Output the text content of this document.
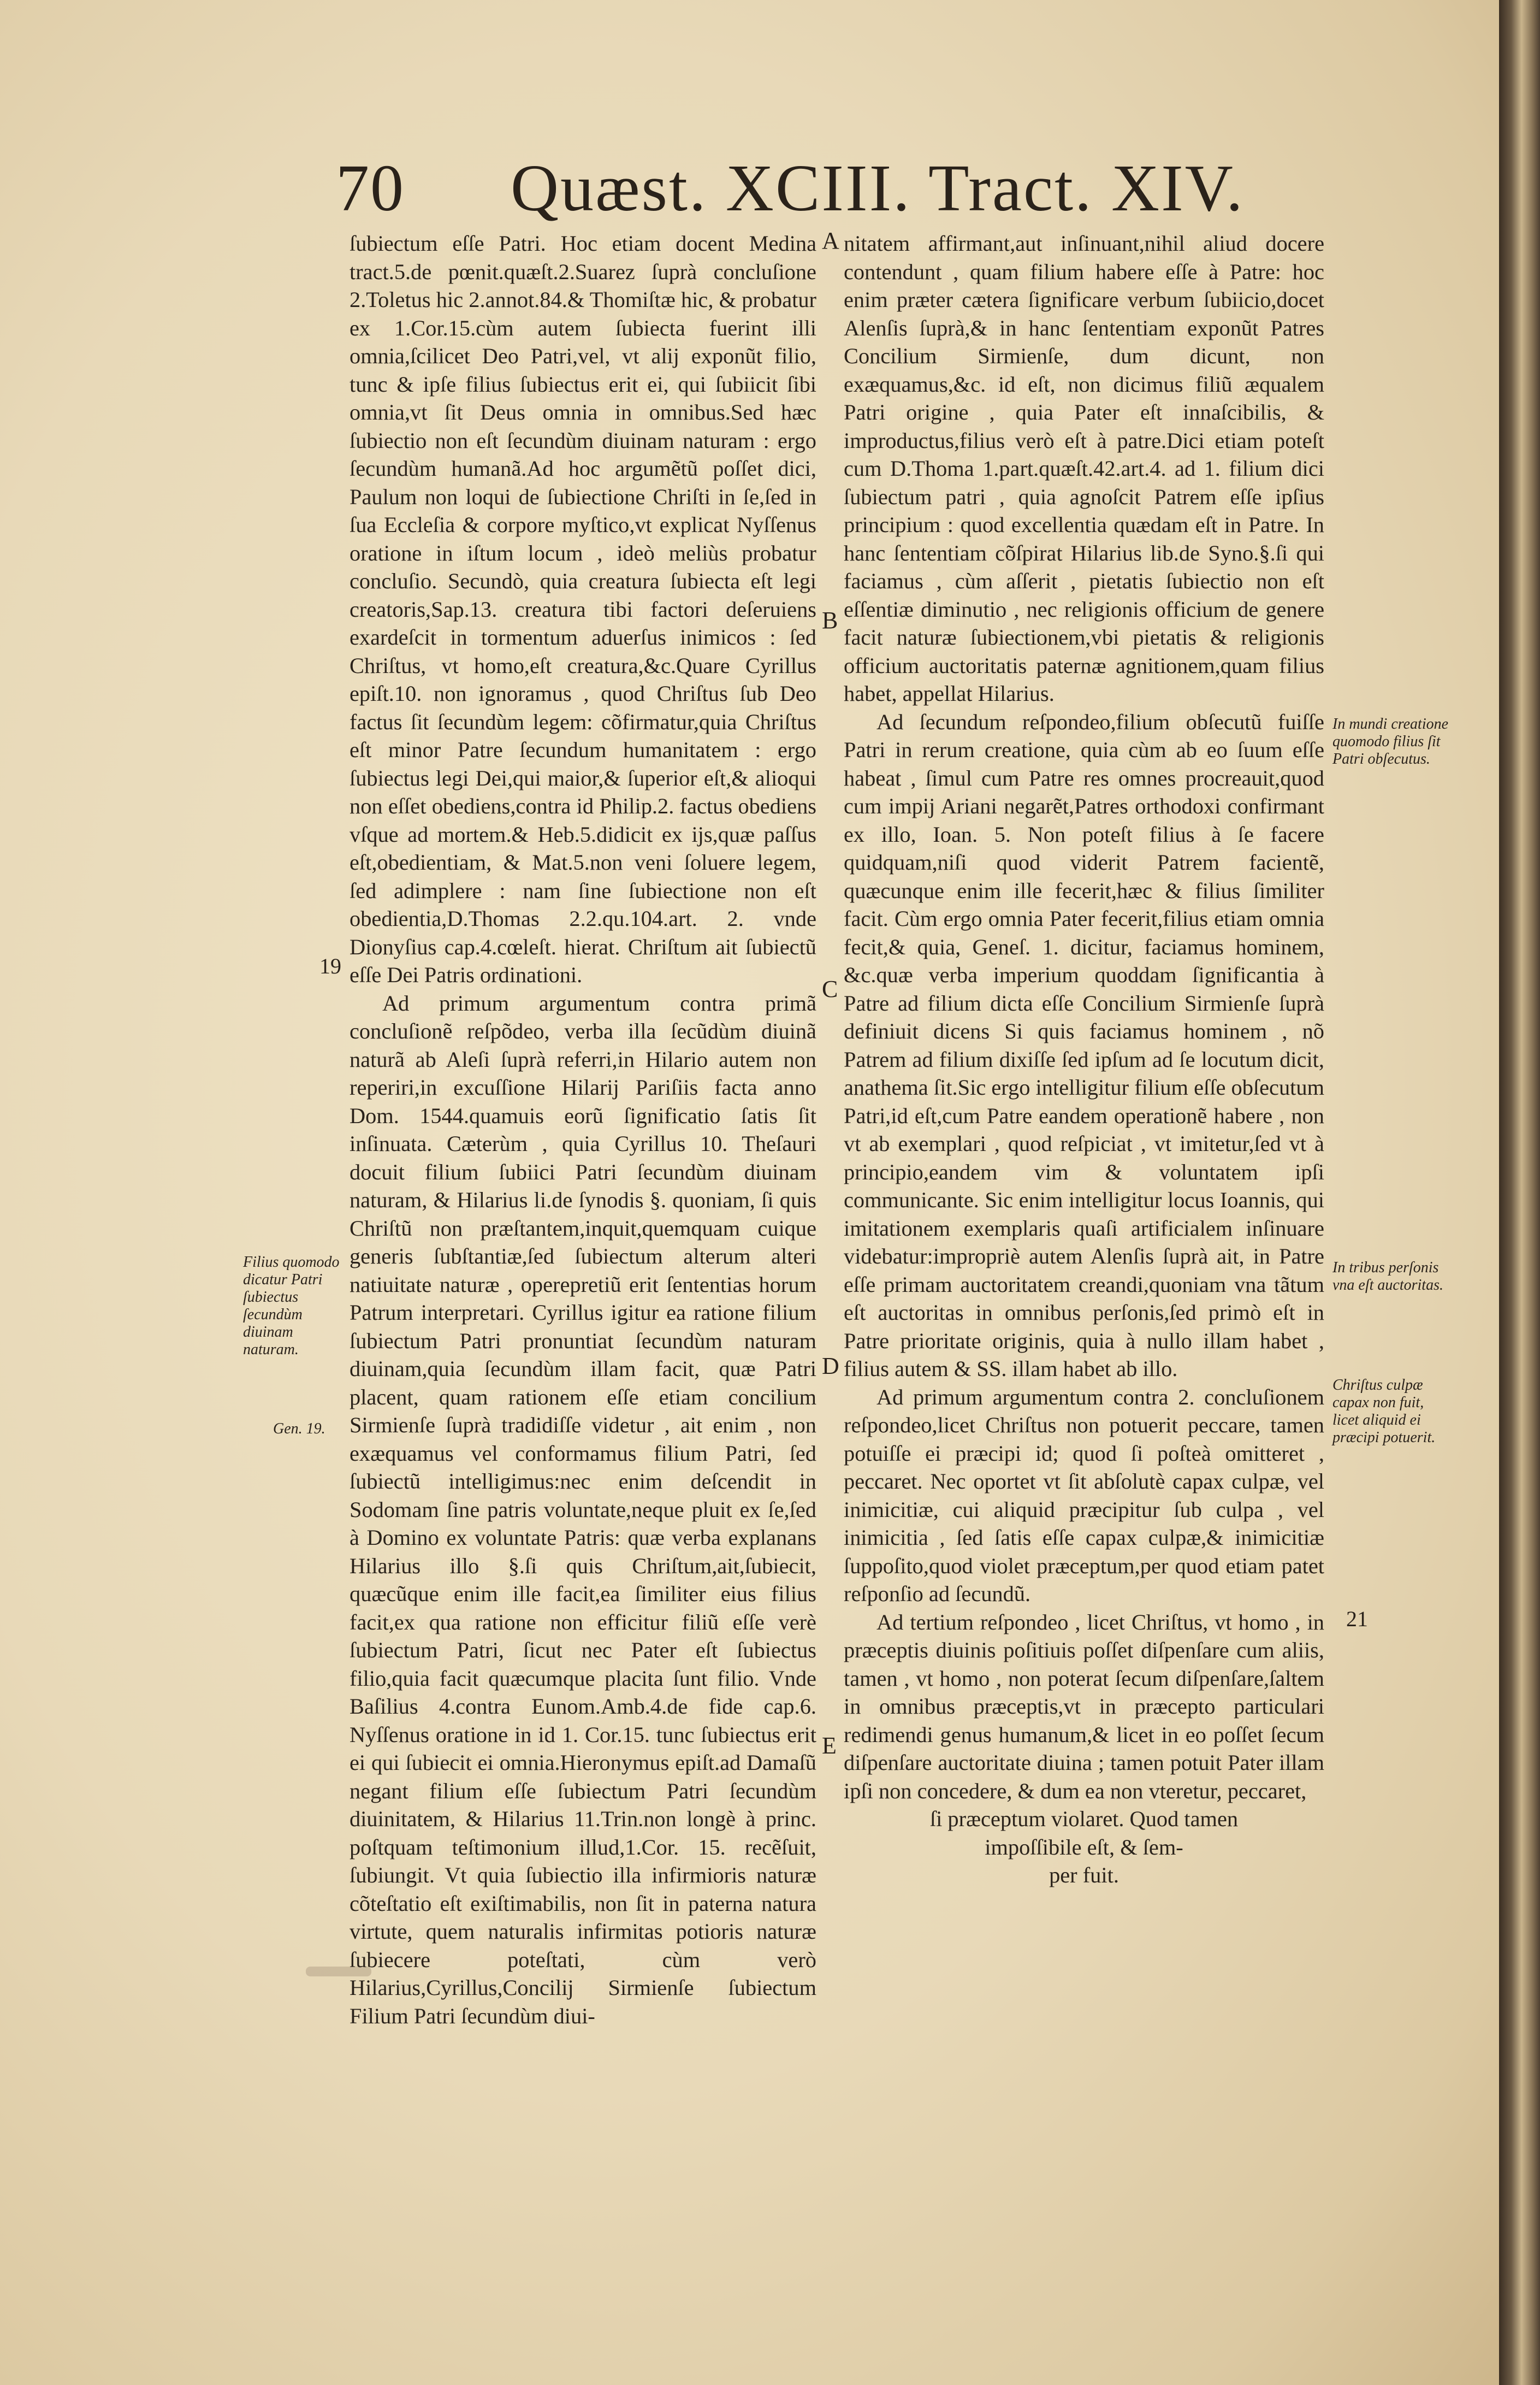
70 Quæst. XCIII. Tract. XIV.

ſubiectum eſſe Patri. Hoc etiam docent Medina tract.5.de pœnit.quæſt.2.Suarez ſuprà concluſione 2.Toletus hic 2.annot.84.& Thomiſtæ hic, & probatur ex 1.Cor.15.cùm autem ſubiecta fuerint illi omnia,ſcilicet Deo Patri,vel, vt alij exponũt filio, tunc & ipſe filius ſubiectus erit ei, qui ſubiicit ſibi omnia,vt ſit Deus omnia in omnibus.Sed hæc ſubiectio non eſt ſecundùm diuinam naturam : ergo ſecundùm humanã.Ad hoc argumẽtũ poſſet dici, Paulum non loqui de ſubiectione Chriſti in ſe,ſed in ſua Eccleſia & corpore myſtico,vt explicat Nyſſenus oratione in iſtum locum , ideò meliùs probatur concluſio. Secundò, quia creatura ſubiecta eſt legi creatoris,Sap.13. creatura tibi factori deſeruiens exardeſcit in tormentum aduerſus inimicos : ſed Chriſtus, vt homo,eſt creatura,&c.Quare Cyrillus epiſt.10. non ignoramus , quod Chriſtus ſub Deo factus ſit ſecundùm legem: cõfirmatur,quia Chriſtus eſt minor Patre ſecundum humanitatem : ergo ſubiectus legi Dei,qui maior,& ſuperior eſt,& alioqui non eſſet obediens,contra id Philip.2. factus obediens vſque ad mortem.& Heb.5.didicit ex ijs,quæ paſſus eſt,obedientiam, & Mat.5.non veni ſoluere legem, ſed adimplere : nam ſine ſubiectione non eſt obedientia,D.Thomas 2.2.qu.104.art. 2. vnde Dionyſius cap.4.cœleſt. hierat. Chriſtum ait ſubiectũ eſſe Dei Patris ordinationi.

Ad primum argumentum contra primã concluſionẽ reſpõdeo, verba illa ſecũdùm diuinã naturã ab Aleſi ſuprà referri,in Hilario autem non reperiri,in excuſſione Hilarij Pariſiis facta anno Dom. 1544.quamuis eorũ ſignificatio ſatis ſit inſinuata. Cæterùm , quia Cyrillus 10. Theſauri docuit filium ſubiici Patri ſecundùm diuinam naturam, & Hilarius li.de ſynodis §. quoniam, ſi quis Chriſtũ non præſtantem,inquit,quemquam cuique generis ſubſtantiæ,ſed ſubiectum alterum alteri natiuitate naturæ , operepretiũ erit ſententias horum Patrum interpretari. Cyrillus igitur ea ratione filium ſubiectum Patri pronuntiat ſecundùm naturam diuinam,quia ſecundùm illam facit, quæ Patri placent, quam rationem eſſe etiam concilium Sirmienſe ſuprà tradidiſſe videtur , ait enim , non exæquamus vel conformamus filium Patri, ſed ſubiectũ intelligimus:nec enim deſcendit in Sodomam ſine patris voluntate,neque pluit ex ſe,ſed à Domino ex voluntate Patris: quæ verba explanans Hilarius illo §.ſi quis Chriſtum,ait,ſubiecit, quæcũque enim ille facit,ea ſimiliter eius filius facit,ex qua ratione non efficitur filiũ eſſe verè ſubiectum Patri, ſicut nec Pater eſt ſubiectus filio,quia facit quæcumque placita ſunt filio. Vnde Baſilius 4.contra Eunom.Amb.4.de fide cap.6. Nyſſenus oratione in id 1. Cor.15. tunc ſubiectus erit ei qui ſubiecit ei omnia.Hieronymus epiſt.ad Damaſũ negant filium eſſe ſubiectum Patri ſecundùm diuinitatem, & Hilarius 11.Trin.non longè à princ. poſtquam teſtimonium illud,1.Cor. 15. recẽſuit, ſubiungit. Vt quia ſubiectio illa infirmioris naturæ cõteſtatio eſt exiſtimabilis, non ſit in paterna natura virtute, quem naturalis infirmitas potioris naturæ ſubiecere poteſtati, cùm verò Hilarius,Cyrillus,Concilij Sirmienſe ſubiectum Filium Patri ſecundùm diui-

nitatem affirmant,aut inſinuant,nihil aliud docere contendunt , quam filium habere eſſe à Patre: hoc enim præter cætera ſignificare verbum ſubiicio,docet Alenſis ſuprà,& in hanc ſententiam exponũt Patres Concilium Sirmienſe, dum dicunt, non exæquamus,&c. id eſt, non dicimus filiũ æqualem Patri origine , quia Pater eſt innaſcibilis, & improductus,filius verò eſt à patre.Dici etiam poteſt cum D.Thoma 1.part.quæſt.42.art.4. ad 1. filium dici ſubiectum patri , quia agnoſcit Patrem eſſe ipſius principium : quod excellentia quædam eſt in Patre. In hanc ſententiam cõſpirat Hilarius lib.de Syno.§.ſi qui faciamus , cùm aſſerit , pietatis ſubiectio non eſt eſſentiæ diminutio , nec religionis officium de genere facit naturæ ſubiectionem,vbi pietatis & religionis officium auctoritatis paternæ agnitionem,quam filius habet, appellat Hilarius.

Ad ſecundum reſpondeo,filium obſecutũ fuiſſe Patri in rerum creatione, quia cùm ab eo ſuum eſſe habeat , ſimul cum Patre res omnes procreauit,quod cum impij Ariani negarẽt,Patres orthodoxi confirmant ex illo, Ioan. 5. Non poteſt filius à ſe facere quidquam,niſi quod viderit Patrem facientẽ, quæcunque enim ille fecerit,hæc & filius ſimiliter facit. Cùm ergo omnia Pater fecerit,filius etiam omnia fecit,& quia, Geneſ. 1. dicitur, faciamus hominem, &c.quæ verba imperium quoddam ſignificantia à Patre ad filium dicta eſſe Concilium Sirmienſe ſuprà definiuit dicens Si quis faciamus hominem , nõ Patrem ad filium dixiſſe ſed ipſum ad ſe locutum dicit, anathema ſit.Sic ergo intelligitur filium eſſe obſecutum Patri,id eſt,cum Patre eandem operationẽ habere , non vt ab exemplari , quod reſpiciat , vt imitetur,ſed vt à principio,eandem vim & voluntatem ipſi communicante. Sic enim intelligitur locus Ioannis, qui imitationem exemplaris quaſi artificialem inſinuare videbatur:impropriè autem Alenſis ſuprà ait, in Patre eſſe primam auctoritatem creandi,quoniam vna tãtum eſt auctoritas in omnibus perſonis,ſed primò eſt in Patre prioritate originis, quia à nullo illam habet , filius autem & SS. illam habet ab illo.

Ad primum argumentum contra 2. concluſionem reſpondeo,licet Chriſtus non potuerit peccare, tamen potuiſſe ei præcipi id; quod ſi poſteà omitteret , peccaret. Nec oportet vt ſit abſolutè capax culpæ, vel inimicitiæ, cui aliquid præcipitur ſub culpa , vel inimicitia , ſed ſatis eſſe capax culpæ,& inimicitiæ ſuppoſito,quod violet præceptum,per quod etiam patet reſponſio ad ſecundũ.

Ad tertium reſpondeo , licet Chriſtus, vt homo , in præceptis diuinis poſitiuis poſſet diſpenſare cum aliis, tamen , vt homo , non poterat ſecum diſpenſare,ſaltem in omnibus præceptis,vt in præcepto particulari redimendi genus humanum,& licet in eo poſſet ſecum diſpenſare auctoritate diuina ; tamen potuit Pater illam ipſi non concedere, & dum ea non vteretur, peccaret,

ſi præceptum violaret. Quod tamen

impoſſibile eſt, & ſem-

per fuit.

A
B
C
D
E
19
21
Filius quomodo dicatur Patri ſubiectus ſecundùm diuinam naturam.
Gen. 19.
In mundi creatione quomodo filius ſit Patri obſecutus.
In tribus perſonis vna eſt auctoritas.
Chriſtus culpæ capax non fuit, licet aliquid ei præcipi potuerit.
